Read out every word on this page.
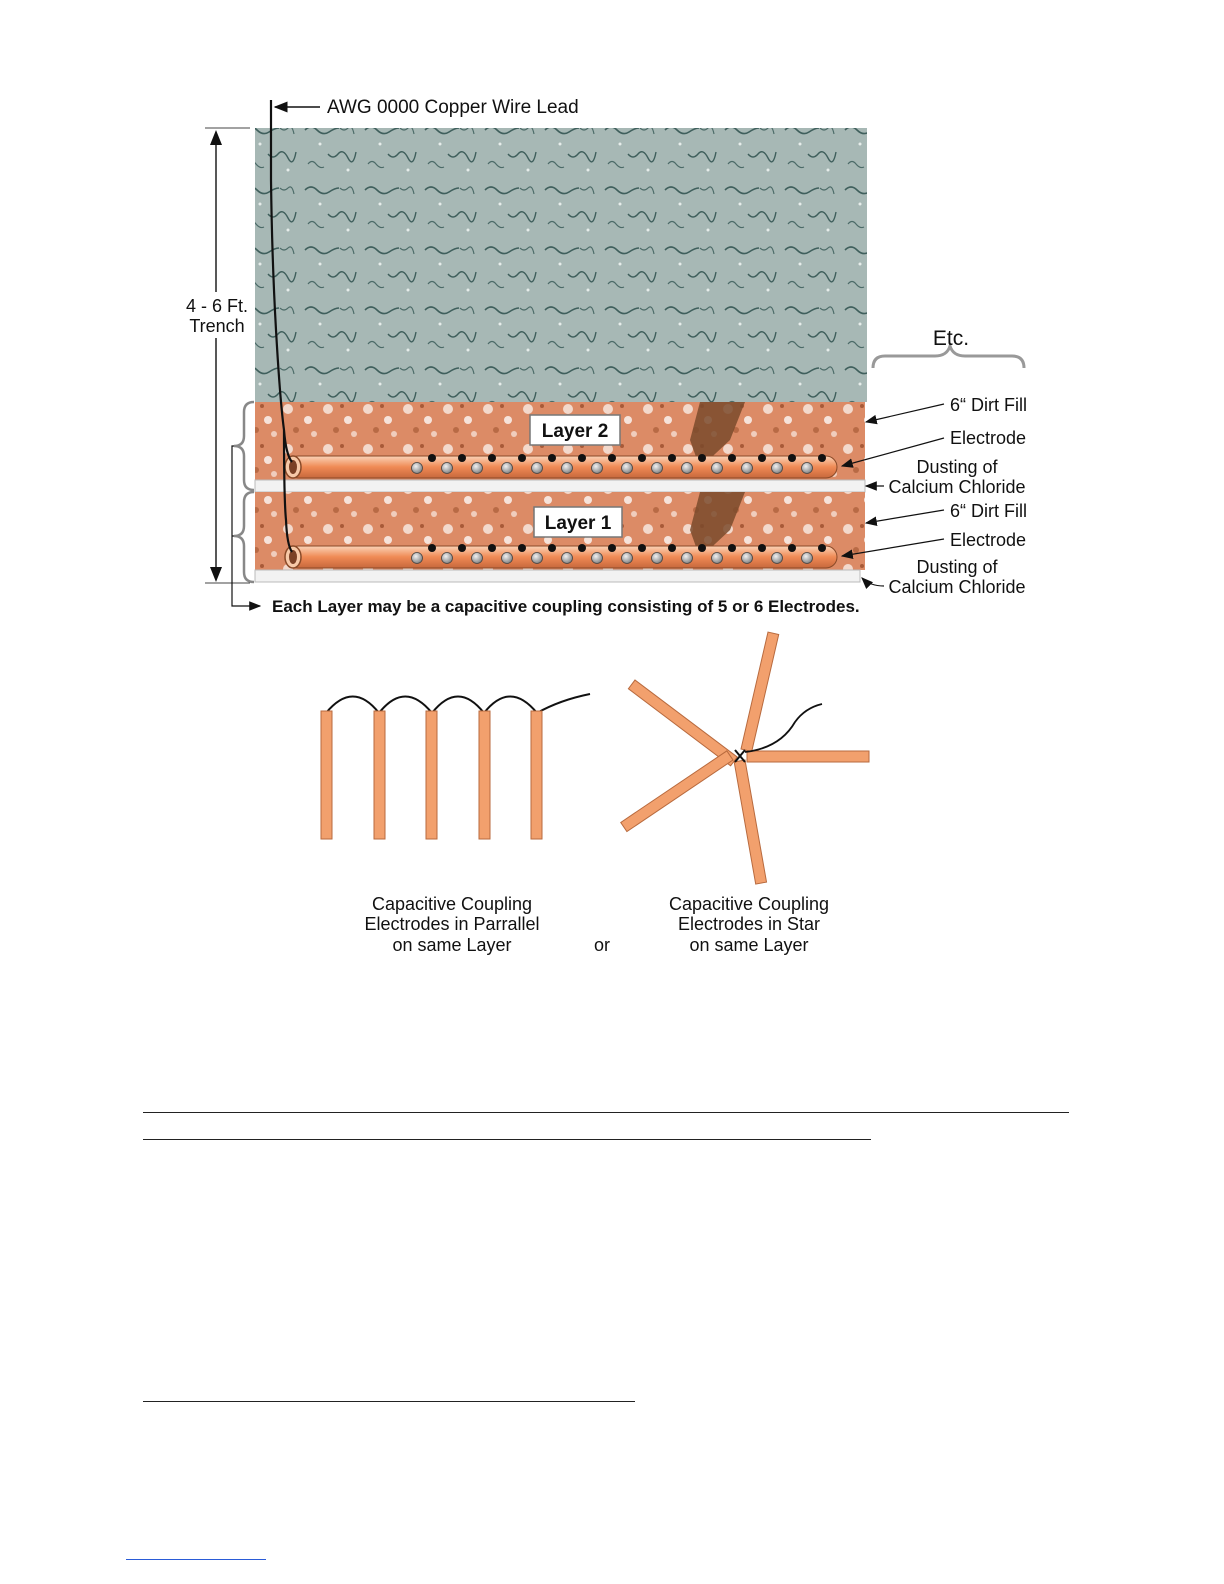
AWG 0000 Copper Wire Lead
4 - 6 Ft.
Trench
Each Layer may be a capacitive coupling consisting of 5 or 6 Electrodes.
Layer 2
Layer 1
Etc.
6“ Dirt Fill
Electrode
Dusting of
Calcium Chloride
6“ Dirt Fill
Electrode
Dusting of
Calcium Chloride
Capacitive Coupling
Electrodes in Parrallel
on same Layer	or
Capacitive Coupling
Electrodes in Star
on same Layer
